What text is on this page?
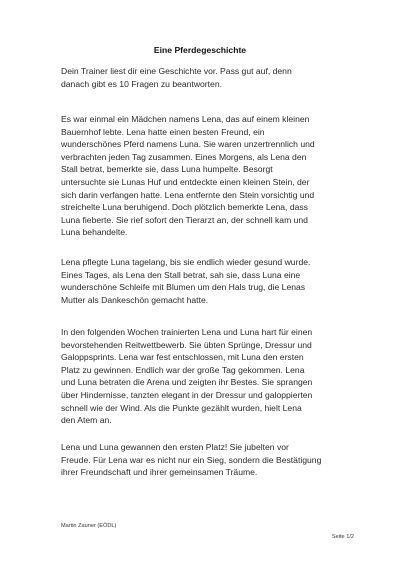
Eine Pferdegeschichte

Dein Trainer liest dir eine Geschichte vor. Pass gut auf, denn
danach gibt es 10 Fragen zu beantworten.

Es war einmal ein Mädchen namens Lena, das auf einem kleinen
Bauernhof lebte. Lena hatte einen besten Freund, ein
wunderschönes Pferd namens Luna. Sie waren unzertrennlich und
verbrachten jeden Tag zusammen. Eines Morgens, als Lena den
Stall betrat, bemerkte sie, dass Luna humpelte. Besorgt
untersuchte sie Lunas Huf und entdeckte einen kleinen Stein, der
sich darin verfangen hatte. Lena entfernte den Stein vorsichtig und
streichelte Luna beruhigend. Doch plötzlich bemerkte Lena, dass
Luna fieberte. Sie rief sofort den Tierarzt an, der schnell kam und
Luna behandelte.

Lena pflegte Luna tagelang, bis sie endlich wieder gesund wurde.
Eines Tages, als Lena den Stall betrat, sah sie, dass Luna eine
wunderschöne Schleife mit Blumen um den Hals trug, die Lenas
Mutter als Dankeschön gemacht hatte.

In den folgenden Wochen trainierten Lena und Luna hart für einen
bevorstehenden Reitwettbewerb. Sie übten Sprünge, Dressur und
Galoppsprints. Lena war fest entschlossen, mit Luna den ersten
Platz zu gewinnen. Endlich war der große Tag gekommen. Lena
und Luna betraten die Arena und zeigten ihr Bestes. Sie sprangen
über Hindernisse, tanzten elegant in der Dressur und galoppierten
schnell wie der Wind. Als die Punkte gezählt wurden, hielt Lena
den Atem an.

Lena und Luna gewannen den ersten Platz! Sie jubelten vor
Freude. Für Lena war es nicht nur ein Sieg, sondern die Bestätigung
ihrer Freundschaft und ihrer gemeinsamen Träume.

Martin Zauner (EÖDL)

Seite 1/2
